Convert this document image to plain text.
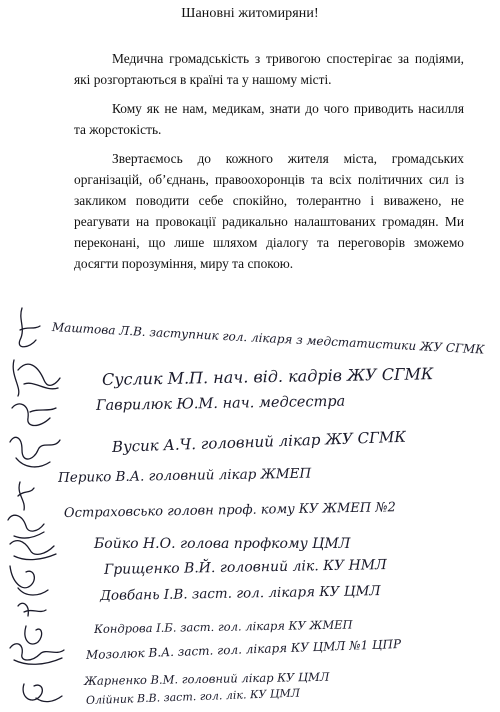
Шановні житомиряни!

Медична громадськість з тривогою спостерігає за подіями, які розгортаються в країні та у нашому місті.

Кому як не нам, медикам, знати до чого приводить насилля та жорстокість.

Звертаємось до кожного жителя міста, громадських організацій, об’єднань, правоохоронців та всіх політичних сил із закликом поводити себе спокійно, толерантно і виважено, не реагувати на провокації радикально налаштованих громадян. Ми переконані, що лише шляхом діалогу та переговорів зможемо досягти порозуміння, миру та спокою.

Маштова Л.В. заступник гол. лікаря з медстатистики ЖУ СГМК
Суслик М.П. нач. від. кадрів ЖУ СГМК
Гаврилюк Ю.М. нач. медсестра
Вусик А.Ч. головний лікар ЖУ СГМК
Перико В.А. головний лікар ЖМЕП
Остраховсько головн проф. кому КУ ЖМЕП №2
Бойко Н.О. голова профкому ЦМЛ
Грищенко В.Й. головний лік. КУ НМЛ
Довбань І.В. заст. гол. лікаря КУ ЦМЛ
Кондрова І.Б. заст. гол. лікаря КУ ЖМЕП
Мозолюк В.А. заст. гол. лікаря КУ ЦМЛ №1 ЦПР
Жарненко В.М. головний лікар КУ ЦМЛ
Олійник В.В. заст. гол. лік. КУ ЦМЛ
